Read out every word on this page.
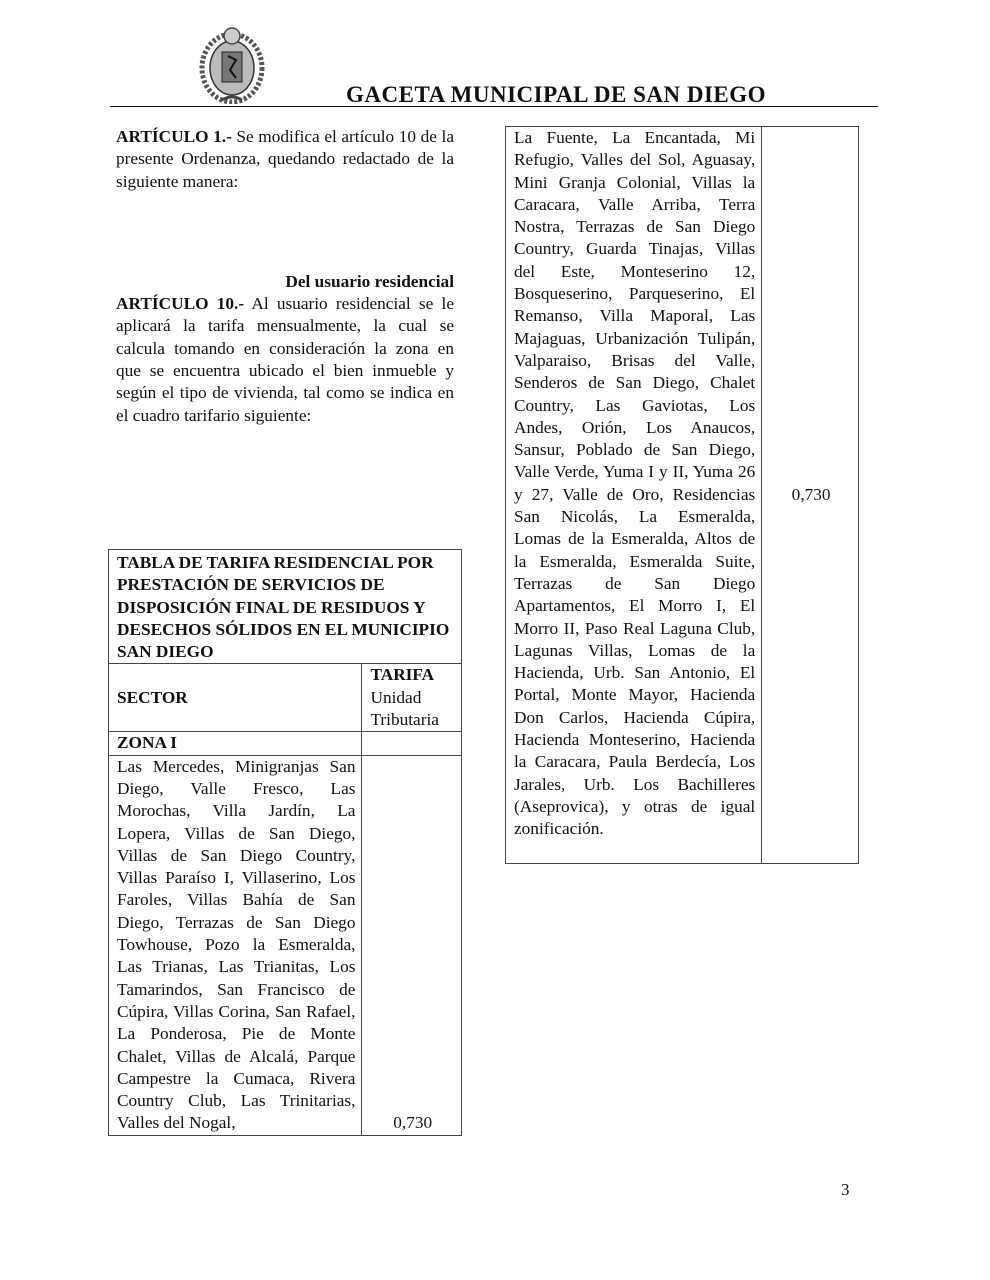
GACETA MUNICIPAL DE SAN DIEGO

ARTÍCULO 1.- Se modifica el artículo 10 de la presente Ordenanza, quedando redactado de la siguiente manera:

Del usuario residencial

ARTÍCULO 10.- Al usuario residencial se le aplicará la tarifa mensualmente, la cual se calcula tomando en consideración la zona en que se encuentra ubicado el bien inmueble y según el tipo de vivienda, tal como se indica en el cuadro tarifario siguiente:

TABLA DE TARIFA RESIDENCIAL POR PRESTACIÓN DE SERVICIOS DE DISPOSICIÓN FINAL DE RESIDUOS Y DESECHOS SÓLIDOS EN EL MUNICIPIO SAN DIEGO	
SECTOR	TARIFA
Unidad
Tributaria

ZONA I	
Las Mercedes, Minigranjas San Diego, Valle Fresco, Las Morochas, Villa Jardín, La Lopera, Villas de San Diego, Villas de San Diego Country, Villas Paraíso I, Villaserino, Los Faroles, Villas Bahía de San Diego, Terrazas de San Diego Towhouse, Pozo la Esmeralda, Las Trianas, Las Trianitas, Los Tamarindos, San Francisco de Cúpira, Villas Corina, San Rafael, La Ponderosa, Pie de Monte Chalet, Villas de Alcalá, Parque Campestre la Cumaca, Rivera Country Club, Las Trinitarias, Valles del Nogal,	0,730
La Fuente, La Encantada, Mi Refugio, Valles del Sol, Aguasay, Mini Granja Colonial, Villas la Caracara, Valle Arriba, Terra Nostra, Terrazas de San Diego Country, Guarda Tinajas, Villas del Este, Monteserino 12, Bosqueserino, Parqueserino, El Remanso, Villa Maporal, Las Majaguas, Urbanización Tulipán, Valparaiso, Brisas del Valle, Senderos de San Diego, Chalet Country, Las Gaviotas, Los Andes, Orión, Los Anaucos, Sansur, Poblado de San Diego, Valle Verde, Yuma I y II, Yuma 26 y 27, Valle de Oro, Residencias San Nicolás, La Esmeralda, Lomas de la Esmeralda, Altos de la Esmeralda, Esmeralda Suite, Terrazas de San Diego Apartamentos, El Morro I, El Morro II, Paso Real Laguna Club, Lagunas Villas, Lomas de la Hacienda, Urb. San Antonio, El Portal, Monte Mayor, Hacienda Don Carlos, Hacienda Cúpira, Hacienda Monteserino, Hacienda la Caracara, Paula Berdecía, Los Jarales, Urb. Los Bachilleres (Aseprovica), y otras de igual zonificación.	0,730
3
